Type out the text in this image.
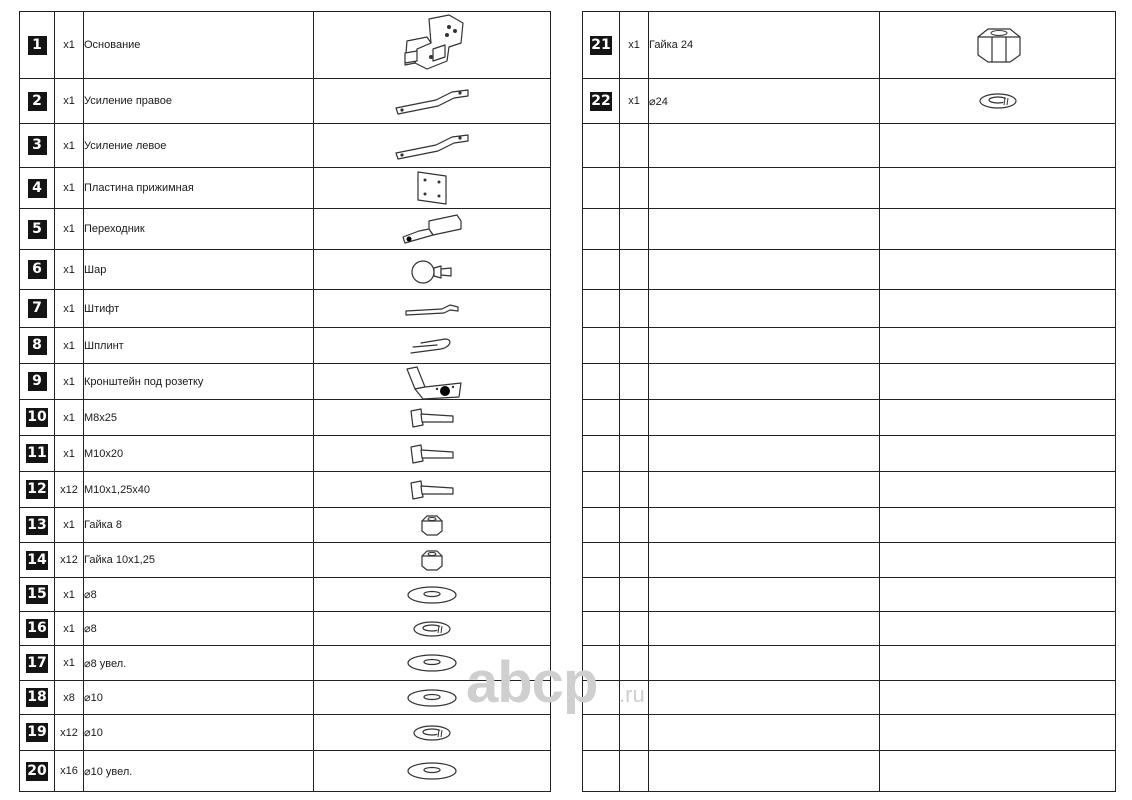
1	x1	Основание	

2	x1	Усиление правое	

3	x1	Усиление левое	

4	x1	Пластина прижимная	

5	x1	Переходник	

6	x1	Шар	

7	x1	Штифт	

8	x1	Шплинт	

9	x1	Кронштейн под розетку	

10	x1	M8x25	

11	x1	M10x20	

12	x12	M10x1,25x40	

13	x1	Гайка 8	

14	x12	Гайка 10x1,25	

15	x1	⌀8	

16	x1	⌀8	

17	x1	⌀8 увел.	

18	x8	⌀10	

19	x12	⌀10	

20	x16	⌀10 увел.	
21	x1	Гайка 24	

22	x1	⌀24	

abcp .ru
